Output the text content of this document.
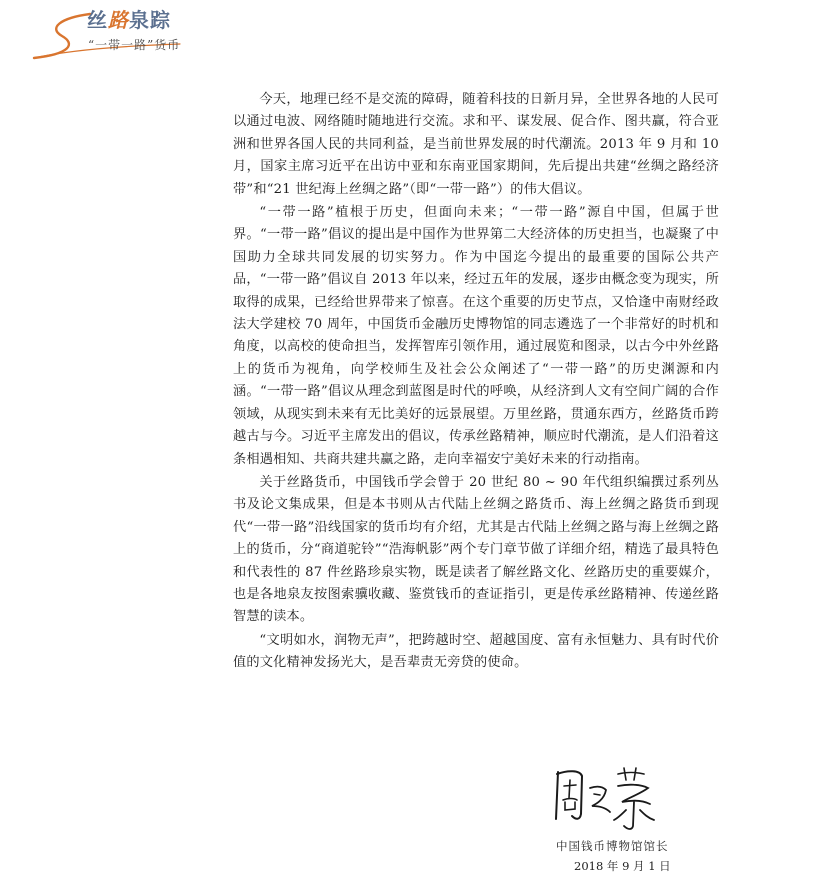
丝路泉踪
“一带一路”货币

今天，地理已经不是交流的障碍，随着科技的日新月异，全世界各地的人民可以通过电波、网络随时随地进行交流。求和平、谋发展、促合作、图共赢，符合亚洲和世界各国人民的共同利益，是当前世界发展的时代潮流。2013 年 9 月和 10 月，国家主席习近平在出访中亚和东南亚国家期间，先后提出共建“丝绸之路经济带”和“21 世纪海上丝绸之路”（即“一带一路”）的伟大倡议。

“一带一路”植根于历史，但面向未来；“一带一路”源自中国，但属于世界。“一带一路”倡议的提出是中国作为世界第二大经济体的历史担当，也凝聚了中国助力全球共同发展的切实努力。作为中国迄今提出的最重要的国际公共产品，“一带一路”倡议自 2013 年以来，经过五年的发展，逐步由概念变为现实，所取得的成果，已经给世界带来了惊喜。在这个重要的历史节点，又恰逢中南财经政法大学建校 70 周年，中国货币金融历史博物馆的同志遴选了一个非常好的时机和角度，以高校的使命担当，发挥智库引领作用，通过展览和图录，以古今中外丝路上的货币为视角，向学校师生及社会公众阐述了“一带一路”的历史渊源和内涵。“一带一路”倡议从理念到蓝图是时代的呼唤，从经济到人文有空间广阔的合作领域，从现实到未来有无比美好的远景展望。万里丝路，贯通东西方，丝路货币跨越古与今。习近平主席发出的倡议，传承丝路精神，顺应时代潮流，是人们沿着这条相遇相知、共商共建共赢之路，走向幸福安宁美好未来的行动指南。

关于丝路货币，中国钱币学会曾于 20 世纪 80 ~ 90 年代组织编撰过系列丛书及论文集成果，但是本书则从古代陆上丝绸之路货币、海上丝绸之路货币到现代“一带一路”沿线国家的货币均有介绍，尤其是古代陆上丝绸之路与海上丝绸之路上的货币，分“商道驼铃”“浩海帆影”两个专门章节做了详细介绍，精选了最具特色和代表性的 87 件丝路珍泉实物，既是读者了解丝路文化、丝路历史的重要媒介，也是各地泉友按图索骥收藏、鉴赏钱币的查证指引，更是传承丝路精神、传递丝路智慧的读本。

“文明如水，润物无声”，把跨越时空、超越国度、富有永恒魅力、具有时代价值的文化精神发扬光大，是吾辈责无旁贷的使命。

中国钱币博物馆馆长
2018 年 9 月 1 日
